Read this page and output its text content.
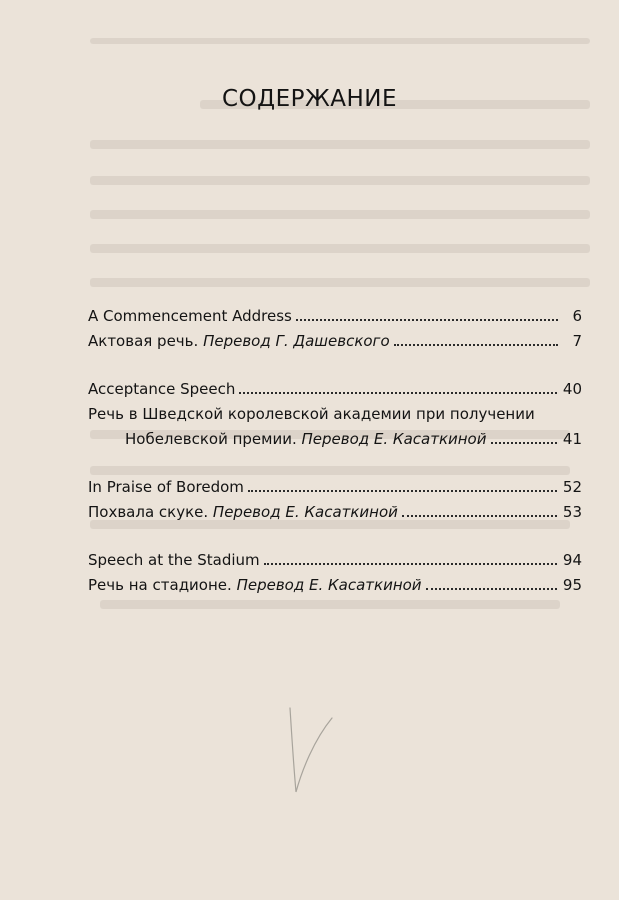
СОДЕРЖАНИЕ
A Commencement Address	6
Актовая речь. Перевод Г. Дашевского	7
Acceptance Speech	40
Речь в Шведской королевской академии при получении
Нобелевской премии. Перевод Е. Касаткиной	41
In Praise of Boredom	52
Похвала скуке. Перевод Е. Касаткиной	53
Speech at the Stadium	94
Речь на стадионе. Перевод Е. Касаткиной	95
